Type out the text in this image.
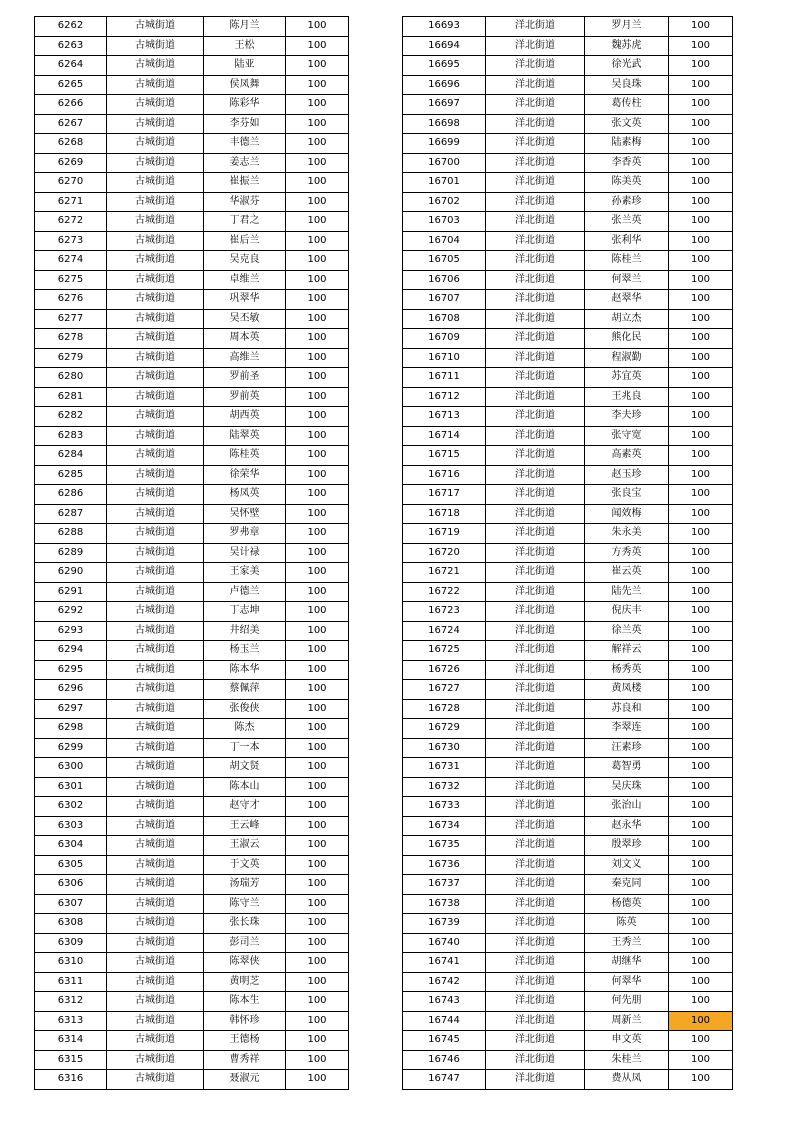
6262	古城街道	陈月兰	100
6263	古城街道	王松	100
6264	古城街道	陆亚	100
6265	古城街道	侯凤舞	100
6266	古城街道	陈彩华	100
6267	古城街道	李芬如	100
6268	古城街道	丰德兰	100
6269	古城街道	姜志兰	100
6270	古城街道	崔振兰	100
6271	古城街道	华淑芬	100
6272	古城街道	丁君之	100
6273	古城街道	崔后兰	100
6274	古城街道	吴克良	100
6275	古城街道	卓维兰	100
6276	古城街道	巩翠华	100
6277	古城街道	吴丕敏	100
6278	古城街道	周本英	100
6279	古城街道	高维兰	100
6280	古城街道	罗前圣	100
6281	古城街道	罗前英	100
6282	古城街道	胡西英	100
6283	古城街道	陆翠英	100
6284	古城街道	陈桂英	100
6285	古城街道	徐荣华	100
6286	古城街道	杨凤英	100
6287	古城街道	吴怀壁	100
6288	古城街道	罗弗章	100
6289	古城街道	吴计禄	100
6290	古城街道	王家美	100
6291	古城街道	卢德兰	100
6292	古城街道	丁志坤	100
6293	古城街道	井绍美	100
6294	古城街道	杨玉兰	100
6295	古城街道	陈本华	100
6296	古城街道	蔡佩萍	100
6297	古城街道	张俊侠	100
6298	古城街道	陈杰	100
6299	古城街道	丁一本	100
6300	古城街道	胡文贤	100
6301	古城街道	陈本山	100
6302	古城街道	赵守才	100
6303	古城街道	王云峰	100
6304	古城街道	王淑云	100
6305	古城街道	于文英	100
6306	古城街道	汤瑞芳	100
6307	古城街道	陈守兰	100
6308	古城街道	张长珠	100
6309	古城街道	彭司兰	100
6310	古城街道	陈翠侠	100
6311	古城街道	黄明芝	100
6312	古城街道	陈本生	100
6313	古城街道	韩怀珍	100
6314	古城街道	王德杨	100
6315	古城街道	曹秀祥	100
6316	古城街道	聂淑元	100
16693	洋北街道	罗月兰	100
16694	洋北街道	魏苏虎	100
16695	洋北街道	徐光武	100
16696	洋北街道	吴良珠	100
16697	洋北街道	葛传柱	100
16698	洋北街道	张文英	100
16699	洋北街道	陆素梅	100
16700	洋北街道	李香英	100
16701	洋北街道	陈美英	100
16702	洋北街道	孙素珍	100
16703	洋北街道	张兰英	100
16704	洋北街道	张利华	100
16705	洋北街道	陈桂兰	100
16706	洋北街道	何翠兰	100
16707	洋北街道	赵翠华	100
16708	洋北街道	胡立杰	100
16709	洋北街道	熊化民	100
16710	洋北街道	程淑勤	100
16711	洋北街道	苏宜英	100
16712	洋北街道	王兆良	100
16713	洋北街道	李夫珍	100
16714	洋北街道	张守宽	100
16715	洋北街道	高素英	100
16716	洋北街道	赵玉珍	100
16717	洋北街道	张良宝	100
16718	洋北街道	闻效梅	100
16719	洋北街道	朱永美	100
16720	洋北街道	方秀英	100
16721	洋北街道	崔云英	100
16722	洋北街道	陆先兰	100
16723	洋北街道	倪庆丰	100
16724	洋北街道	徐兰英	100
16725	洋北街道	解祥云	100
16726	洋北街道	杨秀英	100
16727	洋北街道	黄凤楼	100
16728	洋北街道	苏良和	100
16729	洋北街道	李翠连	100
16730	洋北街道	汪素珍	100
16731	洋北街道	葛智勇	100
16732	洋北街道	吴庆珠	100
16733	洋北街道	张治山	100
16734	洋北街道	赵永华	100
16735	洋北街道	殷翠珍	100
16736	洋北街道	刘文义	100
16737	洋北街道	秦克同	100
16738	洋北街道	杨德英	100
16739	洋北街道	陈英	100
16740	洋北街道	王秀兰	100
16741	洋北街道	胡继华	100
16742	洋北街道	何翠华	100
16743	洋北街道	何先朋	100
16744	洋北街道	周新兰	100
16745	洋北街道	申文英	100
16746	洋北街道	朱桂兰	100
16747	洋北街道	费从凤	100
